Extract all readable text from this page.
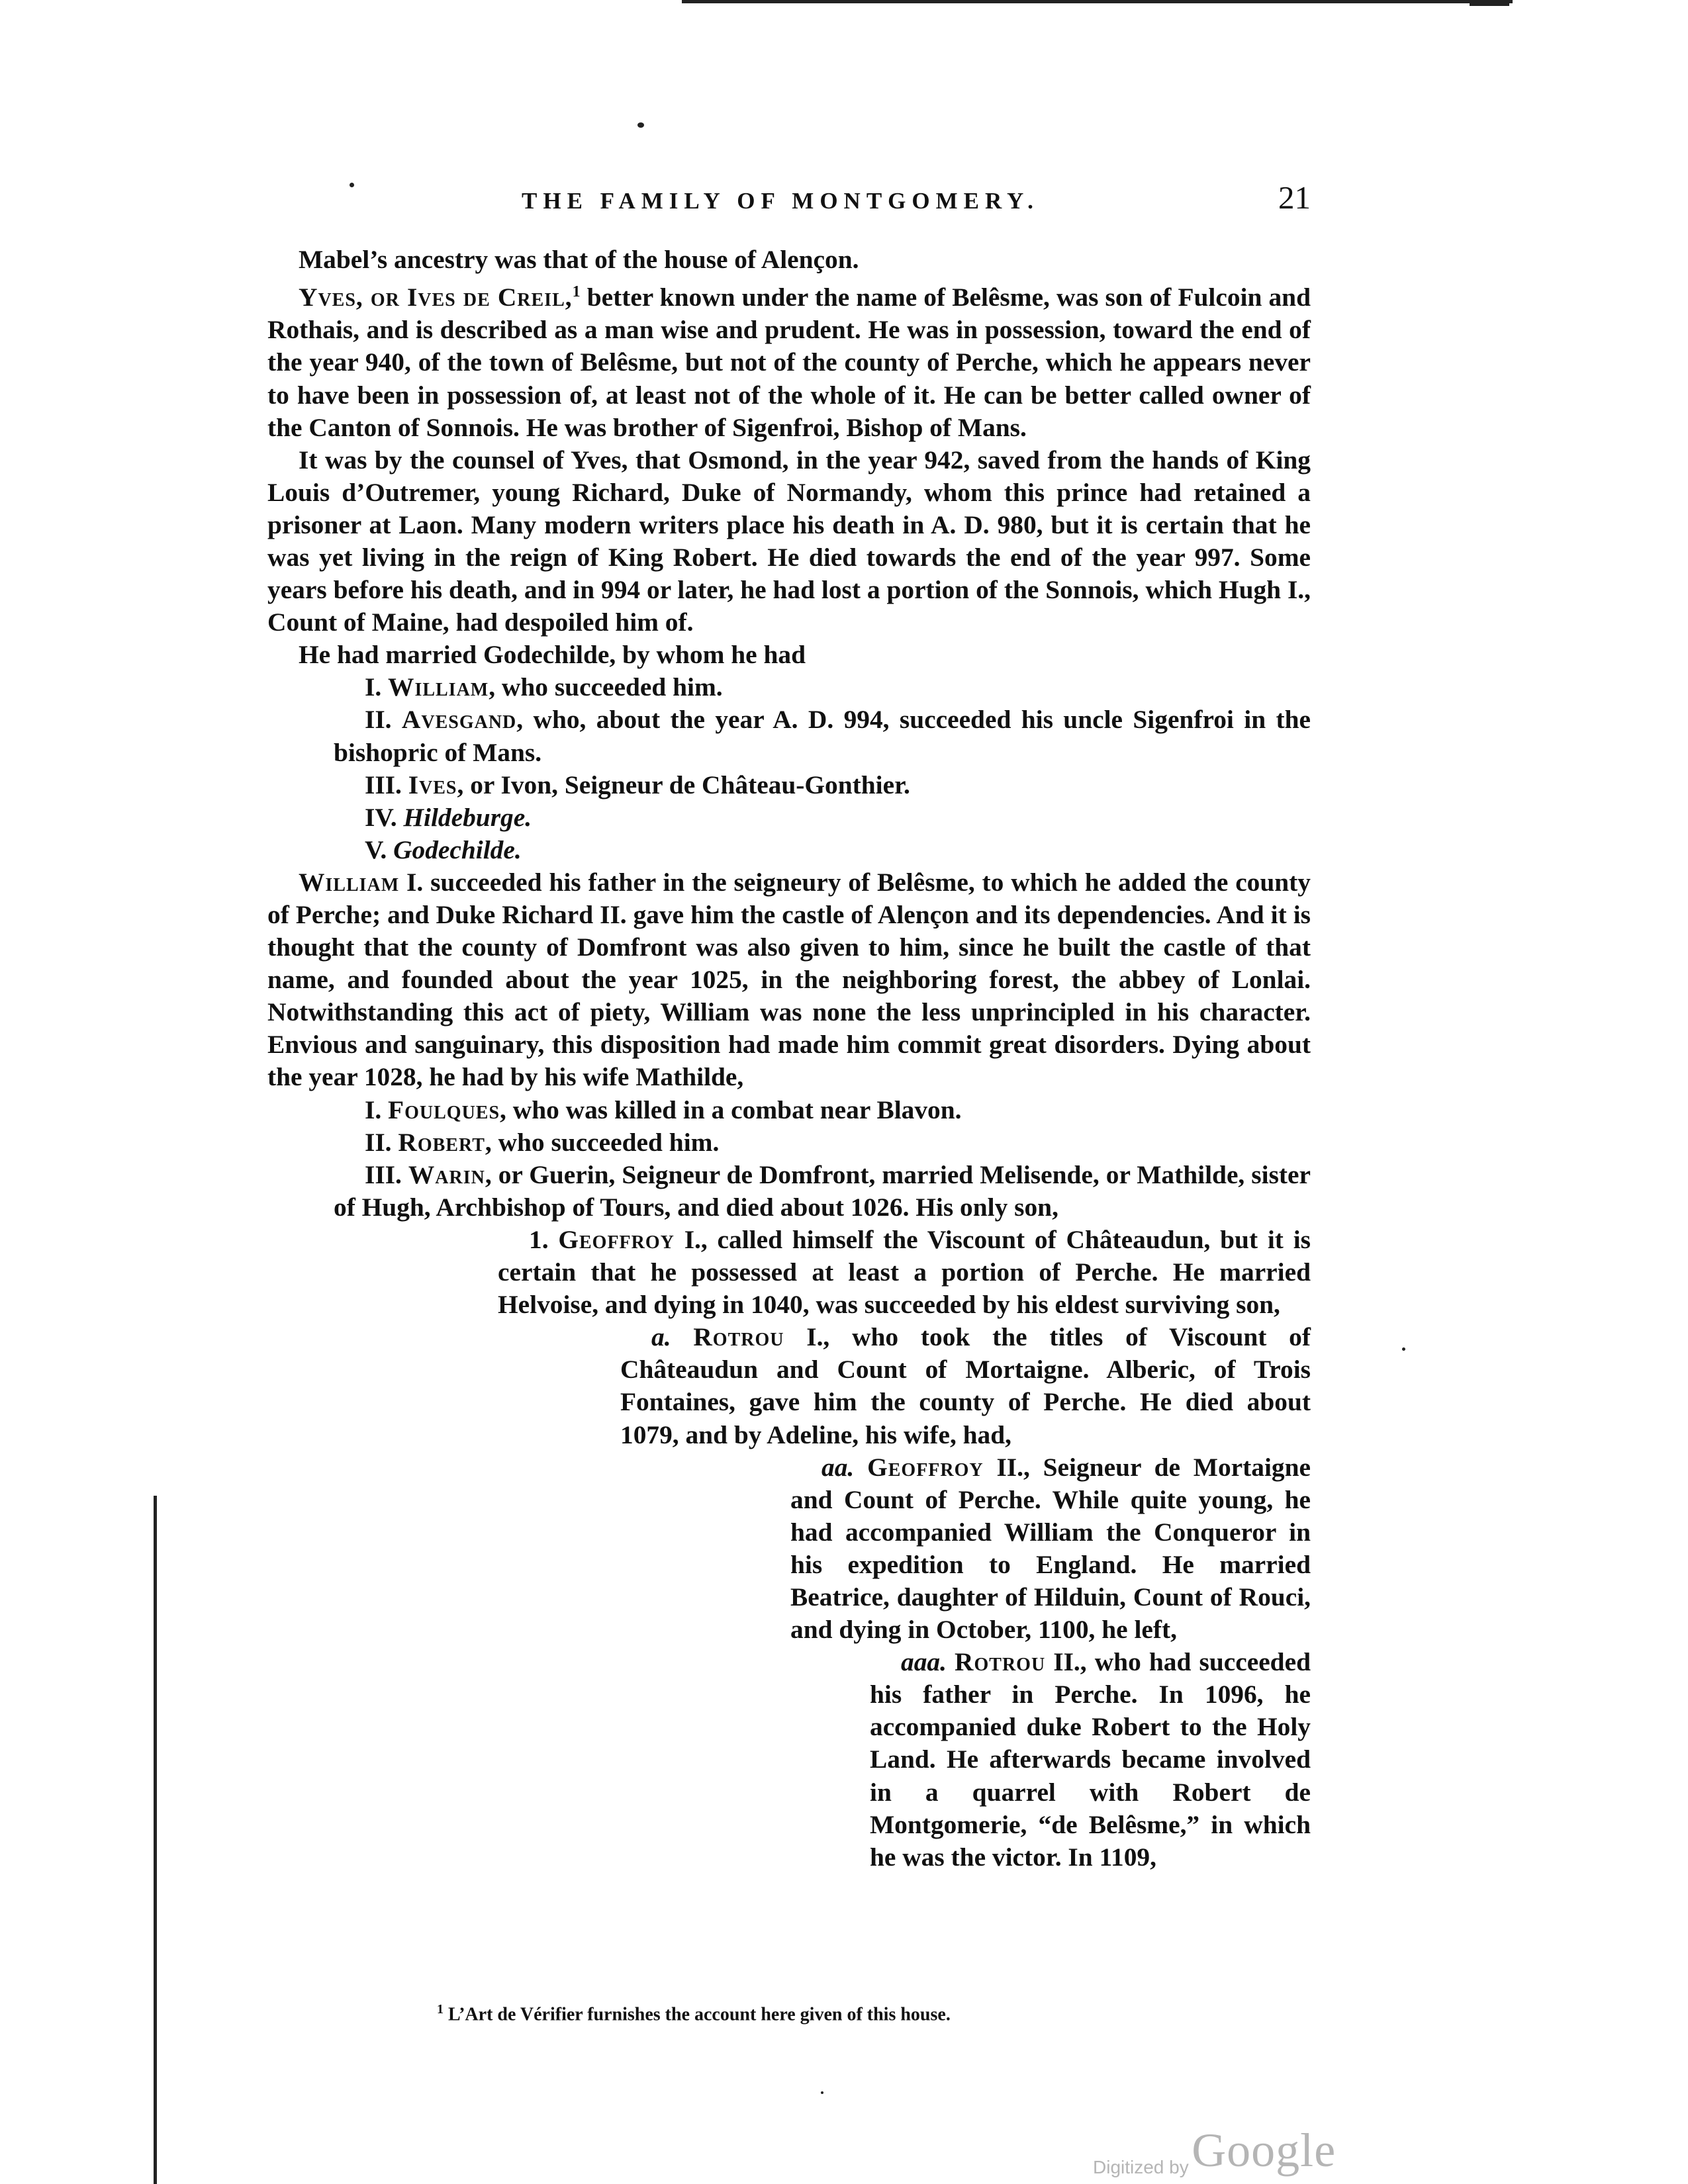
THE FAMILY OF MONTGOMERY.	21

Mabel’s ancestry was that of the house of Alençon.

Yves, or Ives de Creil,$^1$ better known under the name of Belêsme, was son of Fulcoin and Rothais, and is described as a man wise and prudent. He was in possession, toward the end of the year 940, of the town of Belêsme, but not of the county of Perche, which he appears never to have been in possession of, at least not of the whole of it. He can be better called owner of the Canton of Sonnois. He was brother of Sigenfroi, Bishop of Mans.

It was by the counsel of Yves, that Osmond, in the year 942, saved from the hands of King Louis d’Outremer, young Richard, Duke of Normandy, whom this prince had retained a prisoner at Laon. Many modern writers place his death in A. D. 980, but it is certain that he was yet living in the reign of King Robert. He died towards the end of the year 997. Some years before his death, and in 994 or later, he had lost a portion of the Sonnois, which Hugh I., Count of Maine, had despoiled him of.

He had married Godechilde, by whom he had

I. William, who succeeded him.

II. Avesgand, who, about the year A. D. 994, succeeded his uncle Sigenfroi in the bishopric of Mans.

III. Ives, or Ivon, Seigneur de Château-Gonthier.

IV. Hildeburge.

V. Godechilde.

William I. succeeded his father in the seigneury of Belêsme, to which he added the county of Perche; and Duke Richard II. gave him the castle of Alençon and its dependencies. And it is thought that the county of Domfront was also given to him, since he built the castle of that name, and founded about the year 1025, in the neighboring forest, the abbey of Lonlai. Notwithstanding this act of piety, William was none the less unprincipled in his character. Envious and sanguinary, this disposition had made him commit great disorders. Dying about the year 1028, he had by his wife Mathilde,

I. Foulques, who was killed in a combat near Blavon.

II. Robert, who succeeded him.

III. Warin, or Guerin, Seigneur de Domfront, married Melisende, or Mathilde, sister of Hugh, Archbishop of Tours, and died about 1026. His only son,

1. Geoffroy I., called himself the Viscount of Châteaudun, but it is certain that he possessed at least a portion of Perche. He married Helvoise, and dying in 1040, was succeeded by his eldest surviving son,

a. Rotrou I., who took the titles of Viscount of Châteaudun and Count of Mortaigne. Alberic, of Trois Fontaines, gave him the county of Perche. He died about 1079, and by Adeline, his wife, had,

aa. Geoffroy II., Seigneur de Mortaigne and Count of Perche. While quite young, he had accompanied William the Conqueror in his expedition to England. He married Beatrice, daughter of Hilduin, Count of Rouci, and dying in October, 1100, he left,

aaa. Rotrou II., who had succeeded his father in Perche. In 1096, he accompanied duke Robert to the Holy Land. He afterwards became involved in a quarrel with Robert de Montgomerie, “de Belêsme,” in which he was the victor. In 1109,

$^1$ L’Art de Vérifier furnishes the account here given of this house.
Digitized by Google
